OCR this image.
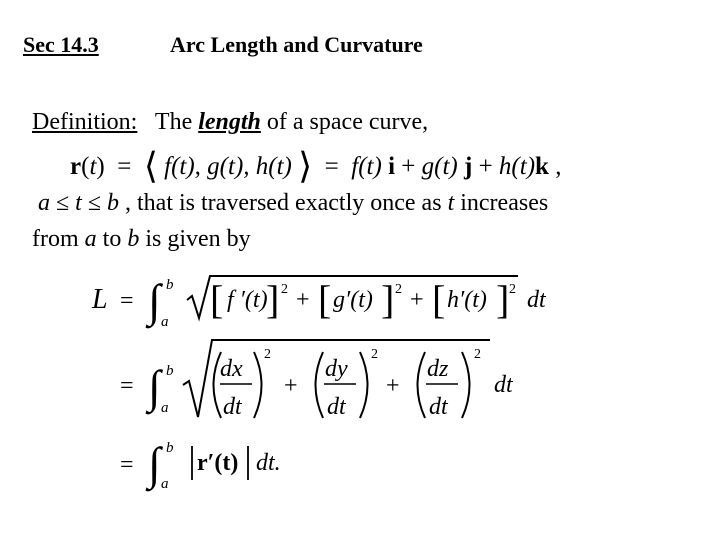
Sec 14.3	Arc Length and Curvature
Definition: The length of a space curve,
r(t) = ⟨ f(t), g(t), h(t) ⟩ = f(t) i + g(t) j + h(t)k ,
a ≤ t ≤ b , that is traversed exactly once as t increases
from a to b is given by
L = ∫ b
a [ f ′(t)
] 2 + [ g′(t) ] 2 + [ h′(t) ] 2 dt
= ∫ b
a
dx
dt
2
+
dy
dt
2
+
dz
dt
2
dt
= ∫ b
a
r′(t) dt.
